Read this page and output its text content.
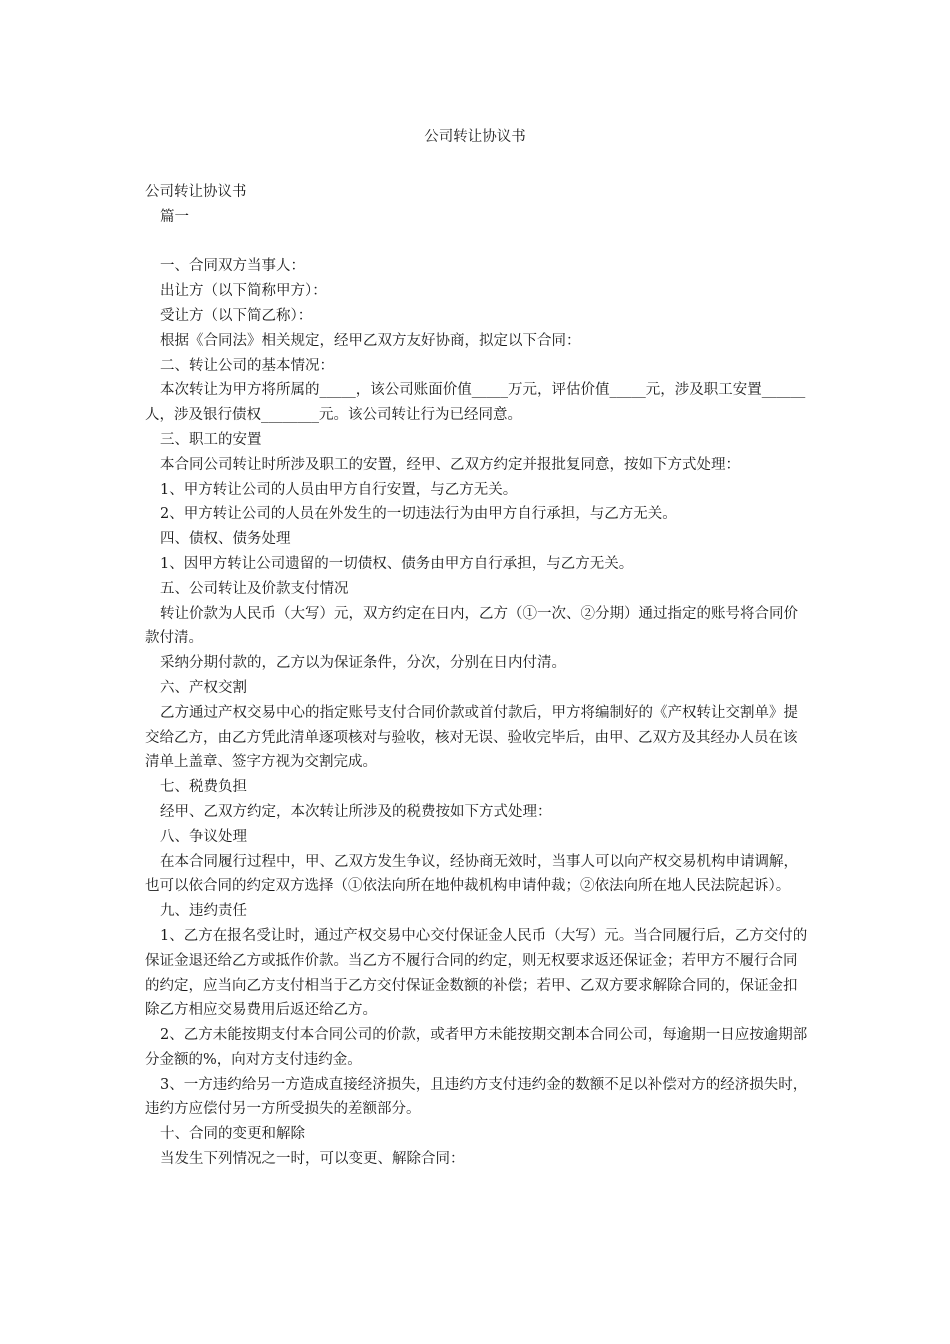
公司转让协议书

公司转让协议书

篇一

一、合同双方当事人：

出让方（以下简称甲方）：

受让方（以下简乙称）：

根据《合同法》相关规定，经甲乙双方友好协商，拟定以下合同：

二、转让公司的基本情况：

本次转让为甲方将所属的_____，该公司账面价值_____万元，评估价值_____元，涉及职工安置______人，涉及银行债权________元。该公司转让行为已经同意。

三、职工的安置

本合同公司转让时所涉及职工的安置，经甲、乙双方约定并报批复同意，按如下方式处理：

1、甲方转让公司的人员由甲方自行安置，与乙方无关。

2、甲方转让公司的人员在外发生的一切违法行为由甲方自行承担，与乙方无关。

四、债权、债务处理

1、因甲方转让公司遗留的一切债权、债务由甲方自行承担，与乙方无关。

五、公司转让及价款支付情况

转让价款为人民币（大写）元，双方约定在日内，乙方（①一次、②分期）通过指定的账号将合同价款付清。

采纳分期付款的，乙方以为保证条件，分次，分别在日内付清。

六、产权交割

乙方通过产权交易中心的指定账号支付合同价款或首付款后，甲方将编制好的《产权转让交割单》提交给乙方，由乙方凭此清单逐项核对与验收，核对无误、验收完毕后，由甲、乙双方及其经办人员在该清单上盖章、签字方视为交割完成。

七、税费负担

经甲、乙双方约定，本次转让所涉及的税费按如下方式处理：

八、争议处理

在本合同履行过程中，甲、乙双方发生争议，经协商无效时，当事人可以向产权交易机构申请调解，也可以依合同的约定双方选择（①依法向所在地仲裁机构申请仲裁；②依法向所在地人民法院起诉）。

九、违约责任

1、乙方在报名受让时，通过产权交易中心交付保证金人民币（大写）元。当合同履行后，乙方交付的保证金退还给乙方或抵作价款。当乙方不履行合同的约定，则无权要求返还保证金；若甲方不履行合同的约定，应当向乙方支付相当于乙方交付保证金数额的补偿；若甲、乙双方要求解除合同的，保证金扣除乙方相应交易费用后返还给乙方。

2、乙方未能按期支付本合同公司的价款，或者甲方未能按期交割本合同公司，每逾期一日应按逾期部分金额的%，向对方支付违约金。

3、一方违约给另一方造成直接经济损失，且违约方支付违约金的数额不足以补偿对方的经济损失时，违约方应偿付另一方所受损失的差额部分。

十、合同的变更和解除

当发生下列情况之一时，可以变更、解除合同：
